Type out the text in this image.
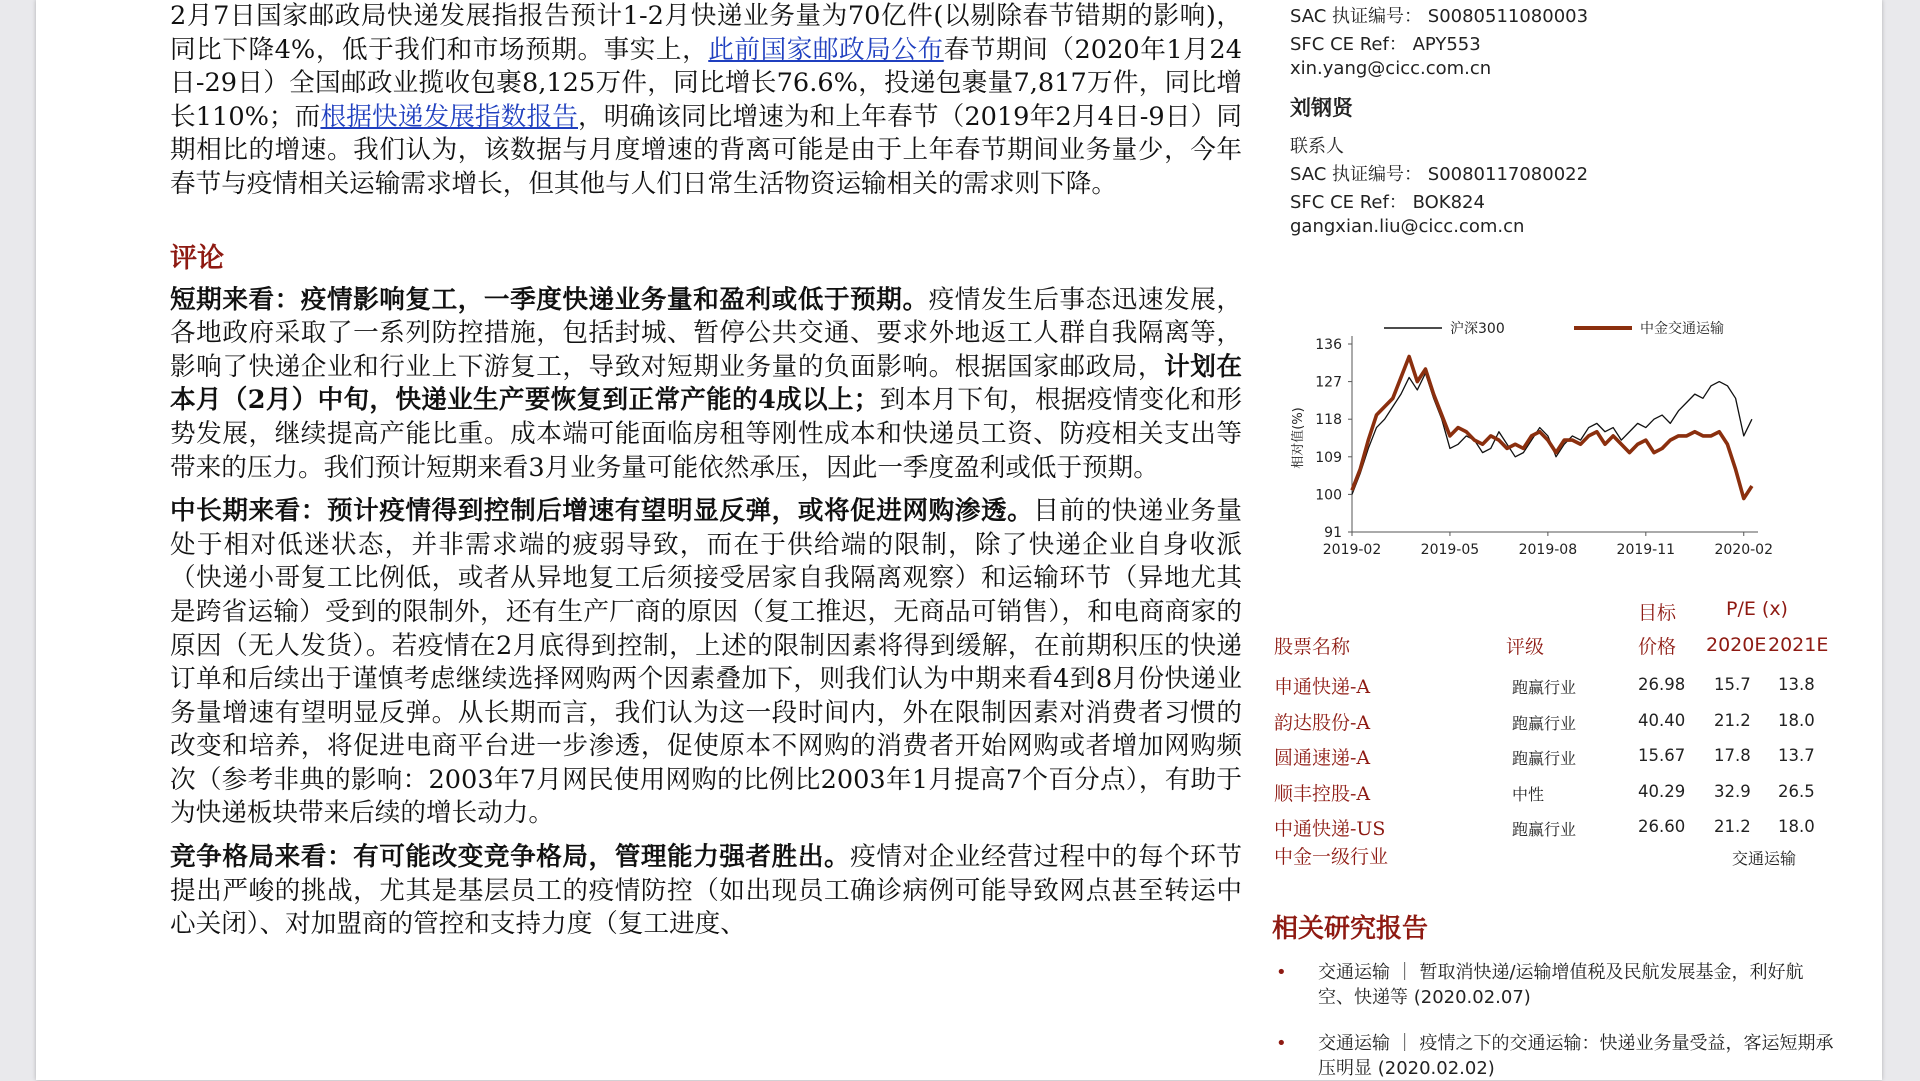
2月7日国家邮政局快递发展指报告预计1-2月快递业务量为70亿件(以剔除春节错期的影响)，同比下降4%，低于我们和市场预期。事实上，此前国家邮政局公布春节期间（2020年1月24日-29日）全国邮政业揽收包裹8,125万件，同比增长76.6%，投递包裹量7,817万件，同比增长110%；而根据快递发展指数报告，明确该同比增速为和上年春节（2019年2月4日-9日）同期相比的增速。我们认为，该数据与月度增速的背离可能是由于上年春节期间业务量少，今年春节与疫情相关运输需求增长，但其他与人们日常生活物资运输相关的需求则下降。

评论

短期来看：疫情影响复工，一季度快递业务量和盈利或低于预期。疫情发生后事态迅速发展，各地政府采取了一系列防控措施，包括封城、暂停公共交通、要求外地返工人群自我隔离等，影响了快递企业和行业上下游复工，导致对短期业务量的负面影响。根据国家邮政局，计划在本月（2月）中旬，快递业生产要恢复到正常产能的4成以上；到本月下旬，根据疫情变化和形势发展，继续提高产能比重。成本端可能面临房租等刚性成本和快递员工资、防疫相关支出等带来的压力。我们预计短期来看3月业务量可能依然承压，因此一季度盈利或低于预期。

中长期来看：预计疫情得到控制后增速有望明显反弹，或将促进网购渗透。目前的快递业务量处于相对低迷状态，并非需求端的疲弱导致，而在于供给端的限制，除了快递企业自身收派（快递小哥复工比例低，或者从异地复工后须接受居家自我隔离观察）和运输环节（异地尤其是跨省运输）受到的限制外，还有生产厂商的原因（复工推迟，无商品可销售），和电商商家的原因（无人发货）。若疫情在2月底得到控制，上述的限制因素将得到缓解，在前期积压的快递订单和后续出于谨慎考虑继续选择网购两个因素叠加下，则我们认为中期来看4到8月份快递业务量增速有望明显反弹。从长期而言，我们认为这一段时间内，外在限制因素对消费者习惯的改变和培养，将促进电商平台进一步渗透，促使原本不网购的消费者开始网购或者增加网购频次（参考非典的影响：2003年7月网民使用网购的比例比2003年1月提高7个百分点），有助于为快递板块带来后续的增长动力。

竞争格局来看：有可能改变竞争格局，管理能力强者胜出。疫情对企业经营过程中的每个环节提出严峻的挑战，尤其是基层员工的疫情防控（如出现员工确诊病例可能导致网点甚至转运中心关闭）、对加盟商的管控和支持力度（复工进度、

SAC 执证编号： S0080511080003
SFC CE Ref： APY553
xin.yang@cicc.com.cn
刘钢贤
联系人
SAC 执证编号： S0080117080022
SFC CE Ref： BOK824
gangxian.liu@cicc.com.cn
136
127
118
109
100
91
2019-02	2019-05	2019-08	2019-11	2020-02
相对值(%)
沪深300	中金交通运输
目标	P/E (x)
股票名称	评级	价格 2020E 2021E
申通快递-A	跑赢行业	26.98 15.7 13.8
韵达股份-A	跑赢行业	40.40 21.2 18.0
圆通速递-A	跑赢行业	15.67 17.8 13.7
顺丰控股-A	中性	40.29 32.9 26.5
中通快递-US	跑赢行业	26.60 21.2 18.0
中金一级行业	交通运输
相关研究报告
• 交通运输 ｜ 暂取消快递/运输增值税及民航发展基金，利好航空、快递等 (2020.02.07)
• 交通运输 ｜ 疫情之下的交通运输：快递业务量受益，客运短期承压明显 (2020.02.02)
